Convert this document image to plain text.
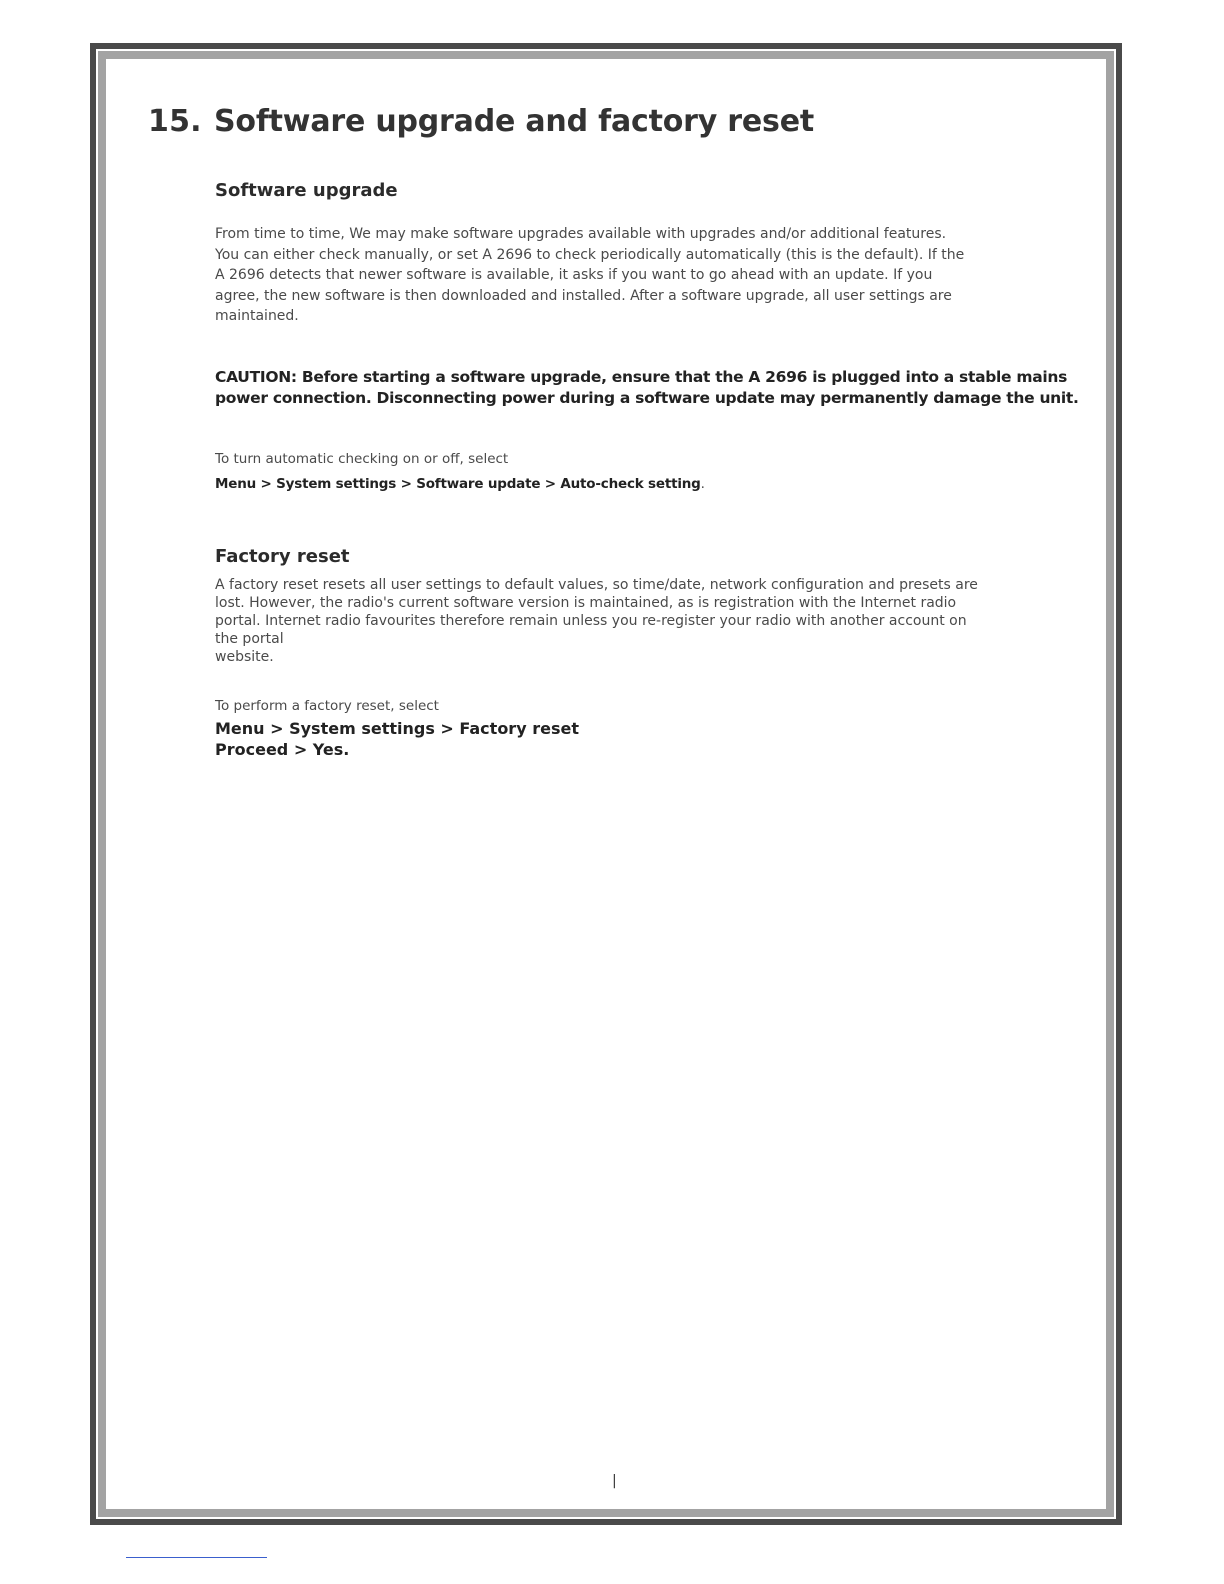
15. Software upgrade and factory reset
Software upgrade
From time to time, We may make software upgrades available with upgrades and/or additional features.
You can either check manually, or set A 2696 to check periodically automatically (this is the default). If the
A 2696 detects that newer software is available, it asks if you want to go ahead with an update. If you
agree, the new software is then downloaded and installed. After a software upgrade, all user settings are
maintained.
CAUTION: Before starting a software upgrade, ensure that the A 2696 is plugged into a stable mains
power connection. Disconnecting power during a software update may permanently damage the unit.
To turn automatic checking on or off, select
Menu > System settings > Software update > Auto-check setting.
Factory reset
A factory reset resets all user settings to default values, so time/date, network configuration and presets are
lost. However, the radio's current software version is maintained, as is registration with the Internet radio
portal. Internet radio favourites therefore remain unless you re-register your radio with another account on
the portal
website.
To perform a factory reset, select
Menu > System settings > Factory reset
Proceed > Yes.
|
